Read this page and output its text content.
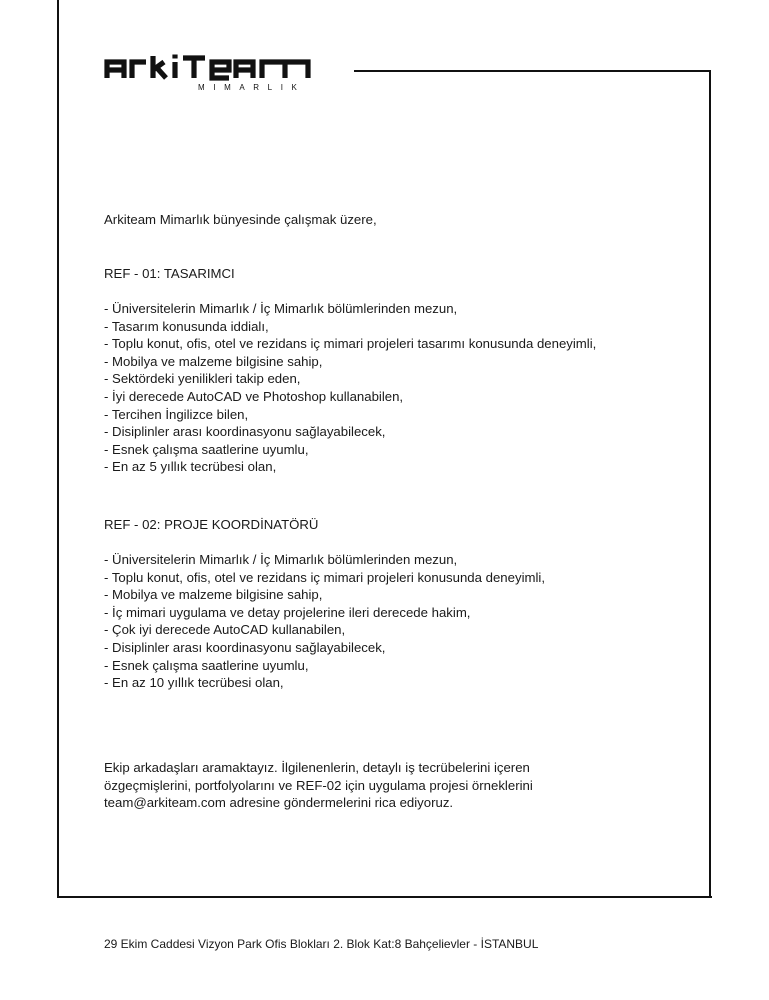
MIMARLIK

Arkiteam Mimarlık bünyesinde çalışmak üzere,

REF - 01: TASARIMCI

- Üniversitelerin Mimarlık / İç Mimarlık bölümlerinden mezun,
- Tasarım konusunda iddialı,
- Toplu konut, ofis, otel ve rezidans iç mimari projeleri tasarımı konusunda deneyimli,
- Mobilya ve malzeme bilgisine sahip,
- Sektördeki yenilikleri takip eden,
- İyi derecede AutoCAD ve Photoshop kullanabilen,
- Tercihen İngilizce bilen,
- Disiplinler arası koordinasyonu sağlayabilecek,
- Esnek çalışma saatlerine uyumlu,
- En az 5 yıllık tecrübesi olan,

REF - 02: PROJE KOORDİNATÖRÜ

- Üniversitelerin Mimarlık / İç Mimarlık bölümlerinden mezun,
- Toplu konut, ofis, otel ve rezidans iç mimari projeleri konusunda deneyimli,
- Mobilya ve malzeme bilgisine sahip,
- İç mimari uygulama ve detay projelerine ileri derecede hakim,
- Çok iyi derecede AutoCAD kullanabilen,
- Disiplinler arası koordinasyonu sağlayabilecek,
- Esnek çalışma saatlerine uyumlu,
- En az 10 yıllık tecrübesi olan,
Ekip arkadaşları aramaktayız. İlgilenenlerin, detaylı iş tecrübelerini içeren
özgeçmişlerini, portfolyolarını ve REF-02 için uygulama projesi örneklerini
team@arkiteam.com adresine göndermelerini rica ediyoruz.
29 Ekim Caddesi Vizyon Park Ofis Blokları 2. Blok Kat:8 Bahçelievler - İSTANBUL
